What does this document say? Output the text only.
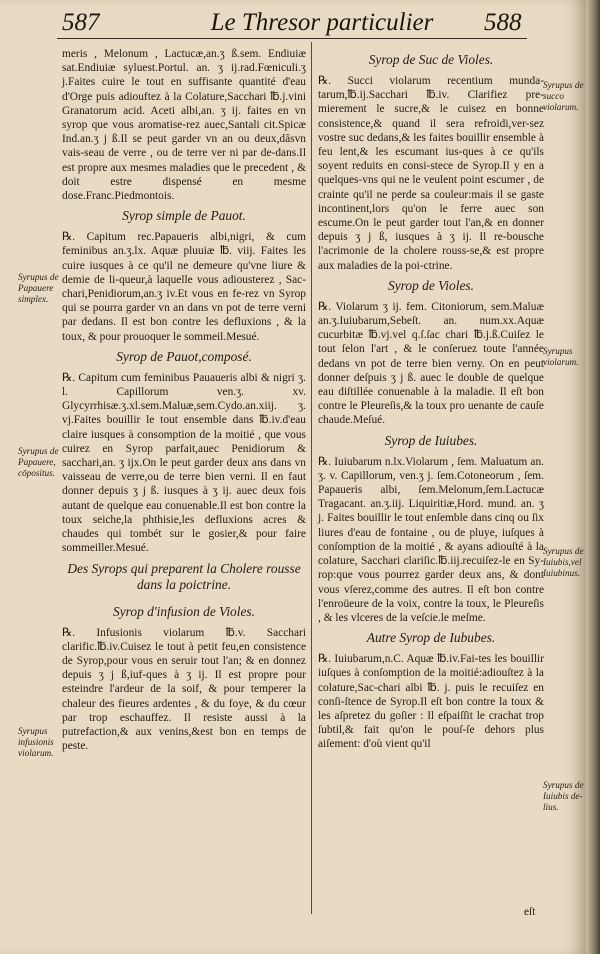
587	Le Thresor particulier	588

meris , Melonum , Lactucæ,an.ʒ ß.sem. Endiuiæ sat.Endiuiæ syluest.Portul. an. ʒ ij.rad.Fœniculi.ʒ j.Faites cuire le tout en suffisante quantité d'eau d'Orge puis adiouftez à la Colature,Sacchari ℔.j.vini Granatorum acid. Aceti albi,an. ʒ ij. faites en vn syrop que vous aromatise-rez auec,Santali cit.Spicæ Ind.an.ʒ j ß.Il se peut garder vn an ou deux,dâsvn vais-seau de verre , ou de terre ver ni par de-dans.Il est propre aux mesmes maladies que le precedent , & doit estre dispensé en mesme dose.Franc.Piedmontois.

Syrop simple de Pauot.

℞. Capitum rec.Papaueris albi,nigri, & cum feminibus an.ʒ.lx. Aquæ pluuiæ ℔. viij. Faites les cuire iusques à ce qu'il ne demeure qu'vne liure & demie de li-queur,à laquelle vous adiousterez , Sac-chari,Penidiorum,an.ʒ iv.Et vous en fe-rez vn Syrop qui se pourra garder vn an dans vn pot de terre verni par dedans. Il est bon contre les defluxions , & la toux, & pour prouoquer le sommeil.Mesué.

Syrop de Pauot,composé.

℞. Capitum cum feminibus Pauaueris albi & nigri ʒ. l. Capillorum ven.ʒ. xv. Glycyrrhisæ.ʒ.xl.sem.Maluæ,sem.Cydo.an.xiij. ʒ. vj.Faites bouillir le tout ensemble dans ℔.iv.d'eau claire iusques à consomption de la moitié , que vous cuirez en Syrop parfait,auec Penidiorum & sacchari,an. ʒ ijx.On le peut garder deux ans dans vn vaisseau de verre,ou de terre bien verni. Il en faut donner depuis ʒ j ß. iusques à ʒ ij. auec deux fois autant de quelque eau conuenable.Il est bon contre la toux seiche,la phthisie,les defluxions acres & chaudes qui tombét sur le gosier,& pour faire sommeiller.Mesué.

Des Syrops qui preparent la Cholere rousse dans la poictrine.
Syrop d'infusion de Violes.

℞. Infusionis violarum ℔.v. Sacchari clarific.℔.iv.Cuisez le tout à petit feu,en consistence de Syrop,pour vous en seruir tout l'an; & en donnez depuis ʒ j ß,iuf-ques à ʒ ij. Il est propre pour esteindre l'ardeur de la soif, & pour temperer la chaleur des fieures ardentes , & du foye, & du cœur par trop eschauffez. Il resiste aussi à la putrefaction,& aux venins,&est bon en temps de peste.

Syrop de Suc de Violes.

℞. Succi violarum recentium munda-tarum,℔.ij.Sacchari ℔.iv. Clarifiez pre-mierement le sucre,& le cuisez en bonne consistence,& quand il sera refroidi,ver-sez vostre suc dedans,& les faites bouillir ensemble à feu lent,& les escumant ius-ques à ce qu'ils soyent reduits en consi-stece de Syrop.Il y en a quelques-vns qui ne le veulent point escumer , de crainte qu'il ne perde sa couleur:mais il se gaste incontinent,lors qu'on le ferre auec son escume.On le peut garder tout l'an,& en donner depuis ʒ j ß, iusques à ʒ ij. Il re-bousche l'acrimonie de la cholere rouss-se,& est propre aux maladies de la poi-ctrine.

Syrop de Violes.

℞. Violarum ʒ ij. fem. Citoniorum, sem.Maluæ an.ʒ.Iuiubarum,Sebeſt. an. num.xx.Aquæ cucurbitæ ℔.vj.vel q.ſ.ſac chari ℔.j.ß.Cuiſez le tout ſelon l'art , & le conſeruez toute l'année dedans vn pot de terre bien verny. On en peut donner deſpuis ʒ j ß. auec le double de quelque eau diſtillée conuenable à la maladie. Il eſt bon contre le Pleureſis,& la toux pro uenante de cauſe chaude.Meſué.

Syrop de Iuiubes.

℞. Iuiubarum n.lx.Violarum , ſem. Maluatum an. ʒ. v. Capillorum, ven.ʒ j. ſem.Cotoneorum , ſem. Papaueris albi, ſem.Melonum,ſem.Lactucæ Tragacant. an.ʒ.iij. Liquiritiæ,Hord. mund. an. ʒ j. Faites bouillir le tout enſemble dans cinq ou ſix liures d'eau de fontaine , ou de pluye, iuſques à conſomption de la moitié , & ayans adiouſté à la colature, Sacchari clariſic.℔.iij.recuiſez-le en Sy-rop:que vous pourrez garder deux ans, & dont vous vſerez,comme des autres. Il eſt bon contre l'enroüeure de la voix, contre la toux, le Pleureſis , & les vlceres de la veſcie.le meſme.

Autre Syrop de Iububes.

℞. Iuiubarum,n.C. Aquæ ℔.iv.Fai-tes les bouillir iuſques à conſomption de la moitié:adiouſtez à la colature,Sac-chari albi ℔. j. puis le recuiſez en conſi-ſtence de Syrop.Il eſt bon contre la toux & les aſpretez du goſier : Il eſpaiſſit le crachat trop ſubtil,& fait qu'on le pouſ-ſe dehors plus aiſement: d'où vient qu'il

Syrupus de Papauere simplex.
Syrupus de Papauere, cōpositus.
Syrupus infusionis violarum.
Syrupus de succo violarum.
Syrupus violarum.
Syrupus de Iuiubis,vel Iuiubinus.
Syrupus de Iuiubis de-lius.
eſt
